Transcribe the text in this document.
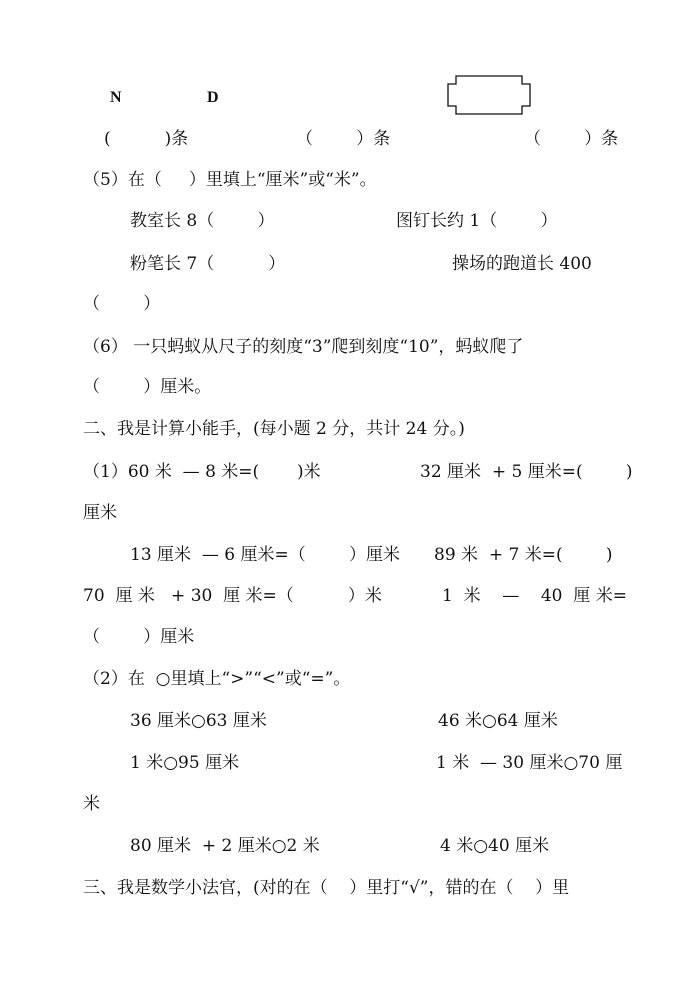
N	D
(          )条	（        ）条	（        ）条
（5）在（     ）里填上“厘米”或“米”。
教室长 8（        ）	图钉长约 1（        ）
粉笔长 7（          ）	操场的跑道长 400
（        ）
（6） 一只蚂蚁从尺子的刻度“3”爬到刻度“10”，蚂蚁爬了
（        ）厘米。
二、我是计算小能手，(每小题 2 分，共计 24 分。)
（1）60 米  — 8 米=(       )米	32 厘米  + 5 厘米=(        )
厘米
13 厘米  — 6 厘米=（        ）厘米 89 米  + 7 米=(        )
70  厘 米   + 30  厘 米=（          ）米	1  米    —    40  厘 米=
（        ）厘米
（2）在  ○里填上“>”“<”或“=”。
36 厘米○63 厘米	46 米○64 厘米
1 米○95 厘米	1 米  — 30 厘米○70 厘
米
80 厘米  + 2 厘米○2 米	4 米○40 厘米
三、我是数学小法官，(对的在（    ）里打“√”，错的在（    ）里
